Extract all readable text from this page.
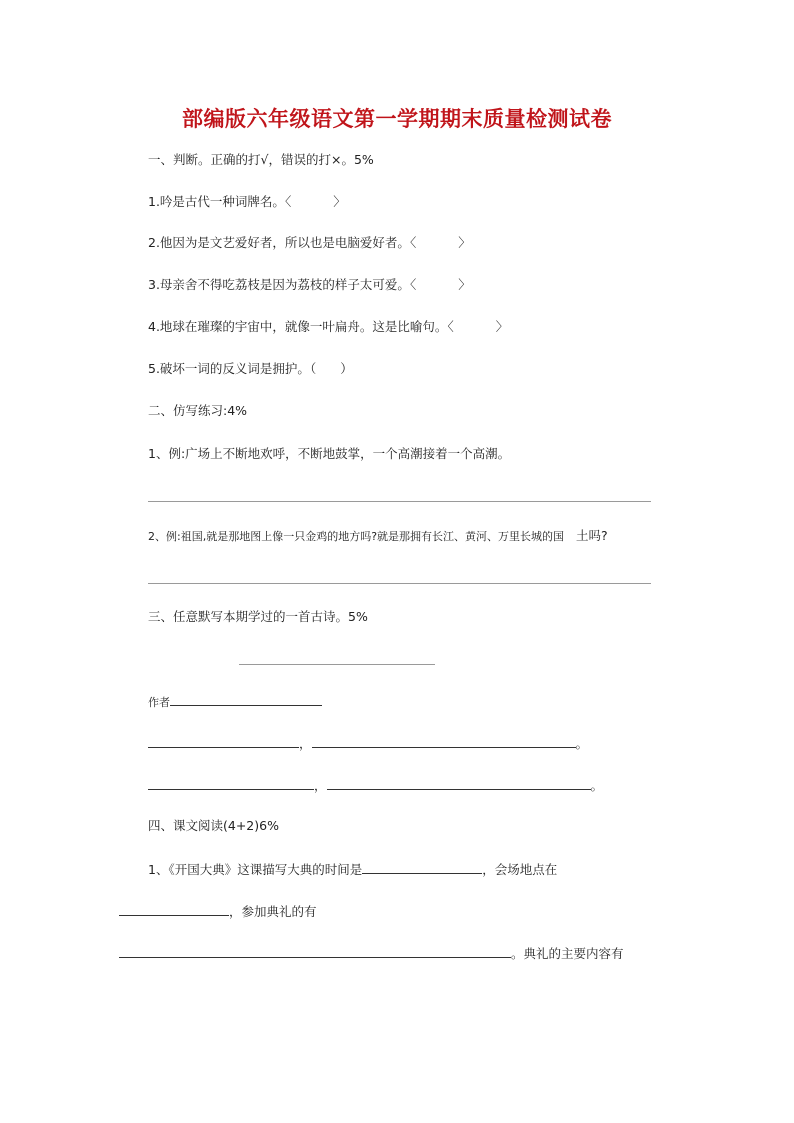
部编版六年级语文第一学期期末质量检测试卷
一、判断。正确的打√，错误的打×。5%
1.吟是古代一种词牌名。〈	〉
2.他因为是文艺爱好者，所以也是电脑爱好者。〈	〉
3.母亲舍不得吃荔枝是因为荔枝的样子太可爱。〈	〉
4.地球在璀璨的宇宙中，就像一叶扁舟。这是比喻句。〈	〉
5.破坏一词的反义词是拥护。（ ）
二、仿写练习:4%
1、例:广场上不断地欢呼，不断地鼓掌，一个高潮接着一个高潮。
2、例:祖国,就是那地图上像一只金鸡的地方吗?就是那拥有长江、黄河、万里长城的国 土吗?
三、任意默写本期学过的一首古诗。5%
作者
，	。
，	。
四、课文阅读(4+2)6%
1、《开国大典》这课描写大典的时间是	，会场地点在
，参加典礼的有
。典礼的主要内容有
